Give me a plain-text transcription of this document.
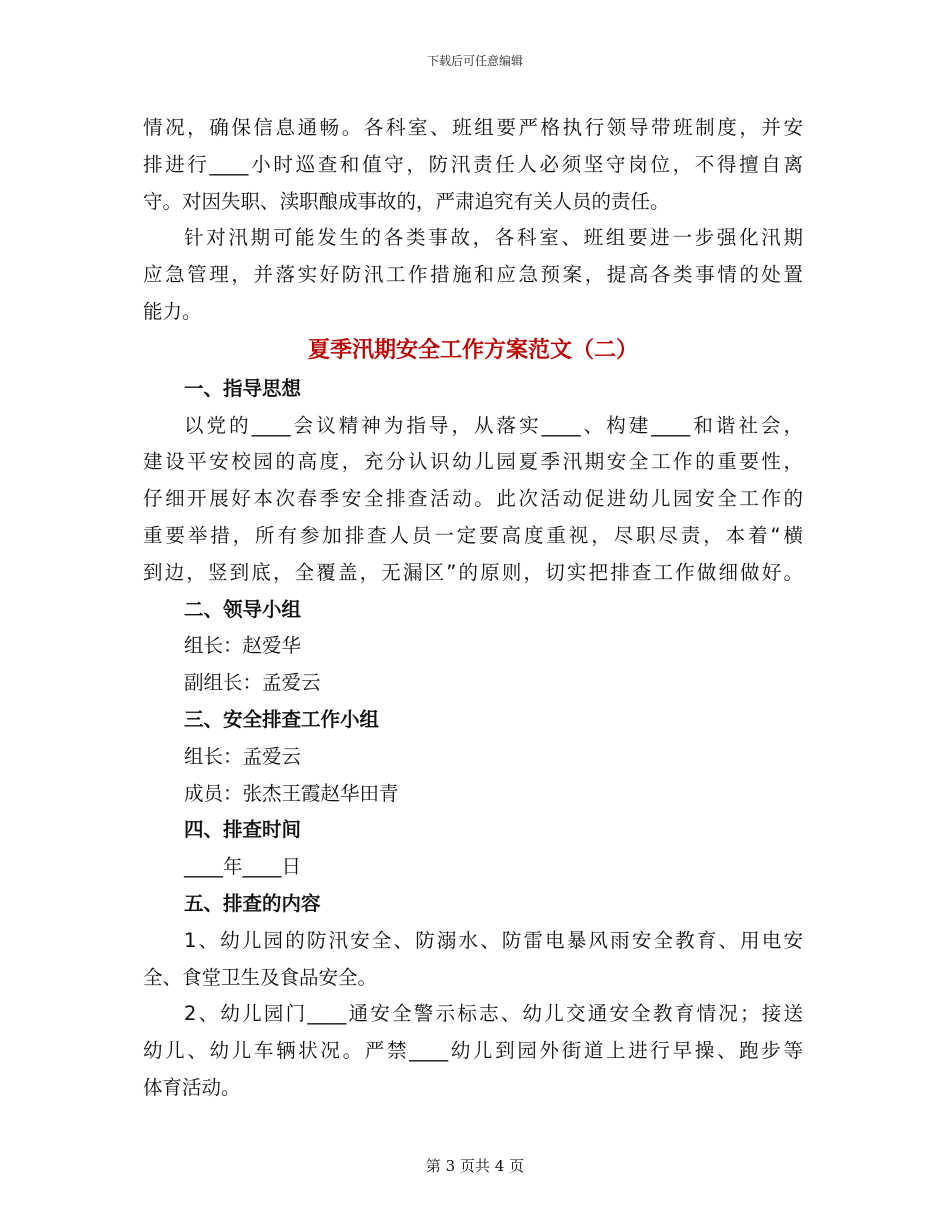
下载后可任意编辑
情况，确保信息通畅。各科室、班组要严格执行领导带班制度，并安
排进行____小时巡查和值守，防汛责任人必须坚守岗位，不得擅自离
守。对因失职、渎职酿成事故的，严肃追究有关人员的责任。
针对汛期可能发生的各类事故，各科室、班组要进一步强化汛期
应急管理，并落实好防汛工作措施和应急预案，提高各类事情的处置
能力。
夏季汛期安全工作方案范文（二）
一、指导思想
以党的____会议精神为指导，从落实____、构建____和谐社会，
建设平安校园的高度，充分认识幼儿园夏季汛期安全工作的重要性，
仔细开展好本次春季安全排查活动。此次活动促进幼儿园安全工作的
重要举措，所有参加排查人员一定要高度重视，尽职尽责，本着“横
到边，竖到底，全覆盖，无漏区”的原则，切实把排查工作做细做好。
二、领导小组
组长：赵爱华
副组长：孟爱云
三、安全排查工作小组
组长：孟爱云
成员：张杰王霞赵华田青
四、排查时间
____年____日
五、排查的内容
1、幼儿园的防汛安全、防溺水、防雷电暴风雨安全教育、用电安
全、食堂卫生及食品安全。
2、幼儿园门____通安全警示标志、幼儿交通安全教育情况；接送
幼儿、幼儿车辆状况。严禁____幼儿到园外街道上进行早操、跑步等
体育活动。
第 3 页共 4 页
